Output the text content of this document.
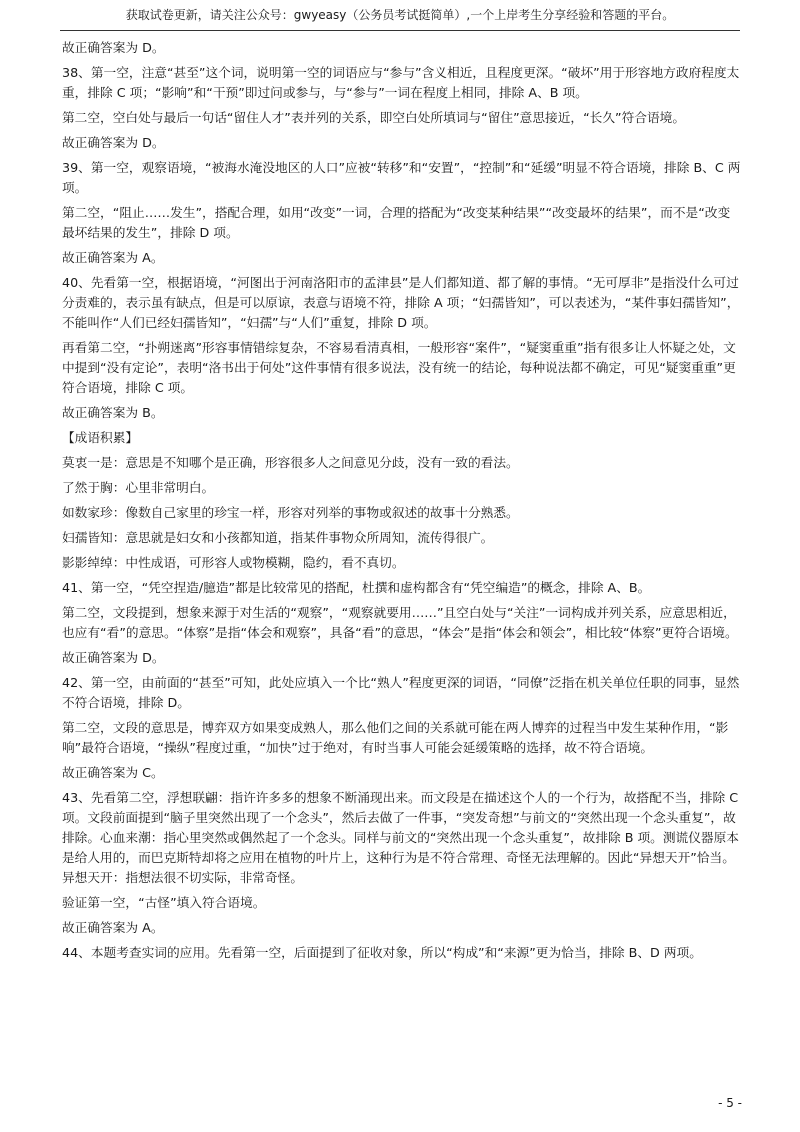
获取试卷更新，请关注公众号：gwyeasy（公务员考试挺简单）,一个上岸考生分享经验和答题的平台。

故正确答案为 D。

38、第一空，注意“甚至”这个词，说明第一空的词语应与“参与”含义相近，且程度更深。“破坏”用于形容地方政府程度太重，排除 C 项；“影响”和“干预”即过问或参与，与“参与”一词在程度上相同，排除 A、B 项。

第二空，空白处与最后一句话“留住人才”表并列的关系，即空白处所填词与“留住”意思接近，“长久”符合语境。

故正确答案为 D。

39、第一空，观察语境，“被海水淹没地区的人口”应被“转移”和“安置”，“控制”和“延缓”明显不符合语境，排除 B、C 两项。

第二空，“阻止……发生”，搭配合理，如用“改变”一词，合理的搭配为“改变某种结果”“改变最坏的结果”，而不是“改变最坏结果的发生”，排除 D 项。

故正确答案为 A。

40、先看第一空，根据语境，“河图出于河南洛阳市的孟津县”是人们都知道、都了解的事情。“无可厚非”是指没什么可过分责难的，表示虽有缺点，但是可以原谅，表意与语境不符，排除 A 项；“妇孺皆知”，可以表述为，“某件事妇孺皆知”，不能叫作“人们已经妇孺皆知”，“妇孺”与“人们”重复，排除 D 项。

再看第二空，“扑朔迷离”形容事情错综复杂，不容易看清真相，一般形容“案件”，“疑窦重重”指有很多让人怀疑之处，文中提到“没有定论”，表明“洛书出于何处”这件事情有很多说法，没有统一的结论，每种说法都不确定，可见“疑窦重重”更符合语境，排除 C 项。

故正确答案为 B。

【成语积累】

莫衷一是：意思是不知哪个是正确，形容很多人之间意见分歧，没有一致的看法。

了然于胸：心里非常明白。

如数家珍：像数自己家里的珍宝一样，形容对列举的事物或叙述的故事十分熟悉。

妇孺皆知：意思就是妇女和小孩都知道，指某件事物众所周知，流传得很广。

影影绰绰：中性成语，可形容人或物模糊，隐约，看不真切。

41、第一空，“凭空捏造/臆造”都是比较常见的搭配，杜撰和虚构都含有“凭空编造”的概念，排除 A、B。

第二空，文段提到，想象来源于对生活的“观察”，“观察就要用……”且空白处与“关注”一词构成并列关系，应意思相近，也应有“看”的意思。“体察”是指“体会和观察”，具备“看”的意思，“体会”是指“体会和领会”，相比较“体察”更符合语境。

故正确答案为 D。

42、第一空，由前面的“甚至”可知，此处应填入一个比“熟人”程度更深的词语，“同僚”泛指在机关单位任职的同事，显然不符合语境，排除 D。

第二空，文段的意思是，博弈双方如果变成熟人，那么他们之间的关系就可能在两人博弈的过程当中发生某种作用，“影响”最符合语境，“操纵”程度过重，“加快”过于绝对，有时当事人可能会延缓策略的选择，故不符合语境。

故正确答案为 C。

43、先看第二空，浮想联翩：指许许多多的想象不断涌现出来。而文段是在描述这个人的一个行为，故搭配不当，排除 C 项。文段前面提到“脑子里突然出现了一个念头”，然后去做了一件事，“突发奇想”与前文的“突然出现一个念头重复”，故排除。心血来潮：指心里突然或偶然起了一个念头。同样与前文的“突然出现一个念头重复”，故排除 B 项。测谎仪器原本是给人用的，而巴克斯特却将之应用在植物的叶片上，这种行为是不符合常理、奇怪无法理解的。因此“异想天开”恰当。异想天开：指想法很不切实际，非常奇怪。

验证第一空，“古怪”填入符合语境。

故正确答案为 A。

44、本题考查实词的应用。先看第一空，后面提到了征收对象，所以“构成”和“来源”更为恰当，排除 B、D 两项。

- 5 -
